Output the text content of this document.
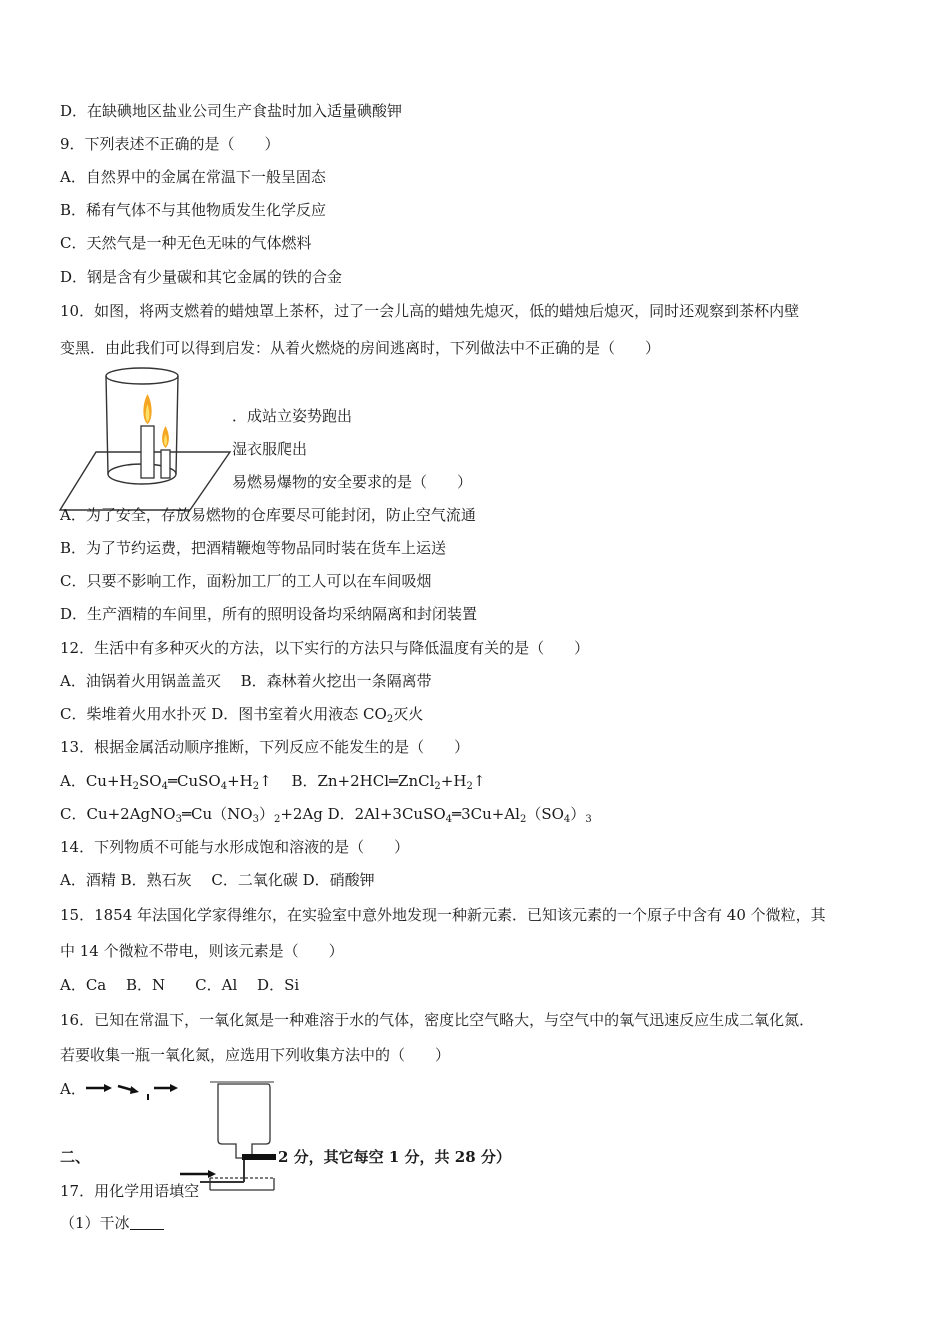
D．在缺碘地区盐业公司生产食盐时加入适量碘酸钾
9．下列表述不正确的是（　　）
A．自然界中的金属在常温下一般呈固态
B．稀有气体不与其他物质发生化学反应
C．天然气是一种无色无味的气体燃料
D．钢是含有少量碳和其它金属的铁的合金
10．如图，将两支燃着的蜡烛罩上茶杯，过了一会儿高的蜡烛先熄灭，低的蜡烛后熄灭，同时还观察到茶杯内壁
变黑．由此我们可以得到启发：从着火燃烧的房间逃离时，下列做法中不正确的是（　　）
．成站立姿势跑出
湿衣服爬出
易燃易爆物的安全要求的是（　　）
A．为了安全，存放易燃物的仓库要尽可能封闭，防止空气流通
B．为了节约运费，把酒精鞭炮等物品同时装在货车上运送
C．只要不影响工作，面粉加工厂的工人可以在车间吸烟
D．生产酒精的车间里，所有的照明设备均采纳隔离和封闭装置
12．生活中有多种灭火的方法，以下实行的方法只与降低温度有关的是（　　）
A．油锅着火用锅盖盖灭　 B．森林着火挖出一条隔离带
C．柴堆着火用水扑灭 D．图书室着火用液态 $CO_2$灭火
13．根据金属活动顺序推断，下列反应不能发生的是（　　）
A．$Cu+H_2SO_4═CuSO_4+H_2↑$　 B．$Zn+2HCl═ZnCl_2+H_2↑$
C．$Cu+2AgNO_3═Cu(NO_3)_2+2Ag$ D．$2Al+3CuSO_4═3Cu+Al_2(SO_4)_3$
14．下列物质不可能与水形成饱和溶液的是（　　）
A．酒精 B．熟石灰　 C．二氧化碳 D．硝酸钾
15．1854 年法国化学家得维尔，在实验室中意外地发现一种新元素．已知该元素的一个原子中含有 40 个微粒，其
中 14 个微粒不带电，则该元素是（　　）
A．Ca　 B．N　　C．Al　 D．Si
16．已知在常温下，一氧化氮是一种难溶于水的气体，密度比空气略大，与空气中的氧气迅速反应生成二氧化氮．
若要收集一瓶一氧化氮，应选用下列收集方法中的（　　）
A．
二、	2 分，其它每空 1 分，共 28 分）
17．用化学用语填空
（1）干冰
